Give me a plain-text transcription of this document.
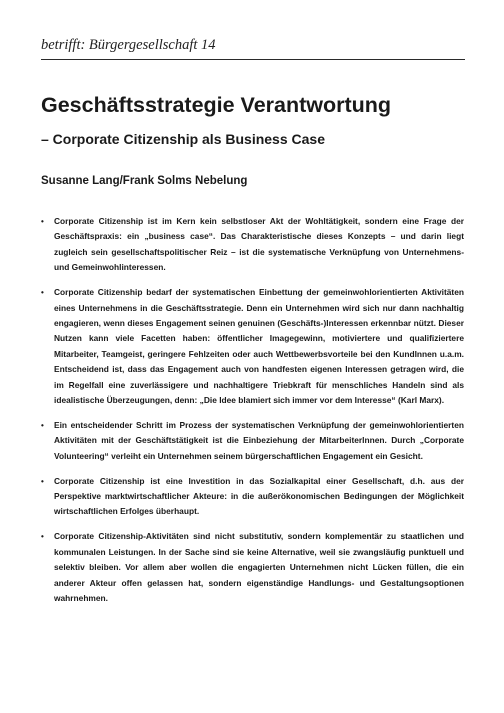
betrifft: Bürgergesellschaft 14
Geschäftsstrategie Verantwortung
– Corporate Citizenship als Business Case

Susanne Lang/Frank Solms Nebelung

• Corporate Citizenship ist im Kern kein selbstloser Akt der Wohltätigkeit, sondern eine Frage der Geschäftspraxis: ein „business case“. Das Charakteristische dieses Konzepts – und darin liegt zugleich sein gesellschaftspolitischer Reiz – ist die systematische Verknüpfung von Unternehmens- und Gemeinwohlinteressen.
• Corporate Citizenship bedarf der systematischen Einbettung der gemeinwohlorientierten Aktivitäten eines Unternehmens in die Geschäftsstrategie. Denn ein Unternehmen wird sich nur dann nachhaltig engagieren, wenn dieses Engagement seinen genuinen (Geschäfts-)Interessen erkennbar nützt. Dieser Nutzen kann viele Facetten haben: öffentlicher Imagegewinn, motiviertere und qualifiziertere Mitarbeiter, Teamgeist, geringere Fehlzeiten oder auch Wettbewerbsvorteile bei den KundInnen u.a.m. Entscheidend ist, dass das Engagement auch von handfesten eigenen Interessen getragen wird, die im Regelfall eine zuverlässigere und nachhaltigere Triebkraft für menschliches Handeln sind als idealistische Überzeugungen, denn: „Die Idee blamiert sich immer vor dem Interesse“ (Karl Marx).
• Ein entscheidender Schritt im Prozess der systematischen Verknüpfung der gemeinwohlorientierten Aktivitäten mit der Geschäftstätigkeit ist die Einbeziehung der MitarbeiterInnen. Durch „Corporate Volunteering“ verleiht ein Unternehmen seinem bürgerschaftlichen Engagement ein Gesicht.
• Corporate Citizenship ist eine Investition in das Sozialkapital einer Gesellschaft, d.h. aus der Perspektive marktwirtschaftlicher Akteure: in die außerökonomischen Bedingungen der Möglichkeit wirtschaftlichen Erfolges überhaupt.
• Corporate Citizenship-Aktivitäten sind nicht substitutiv, sondern komplementär zu staatlichen und kommunalen Leistungen. In der Sache sind sie keine Alternative, weil sie zwangsläufig punktuell und selektiv bleiben. Vor allem aber wollen die engagierten Unternehmen nicht Lücken füllen, die ein anderer Akteur offen gelassen hat, sondern eigenständige Handlungs- und Gestaltungsoptionen wahrnehmen.
